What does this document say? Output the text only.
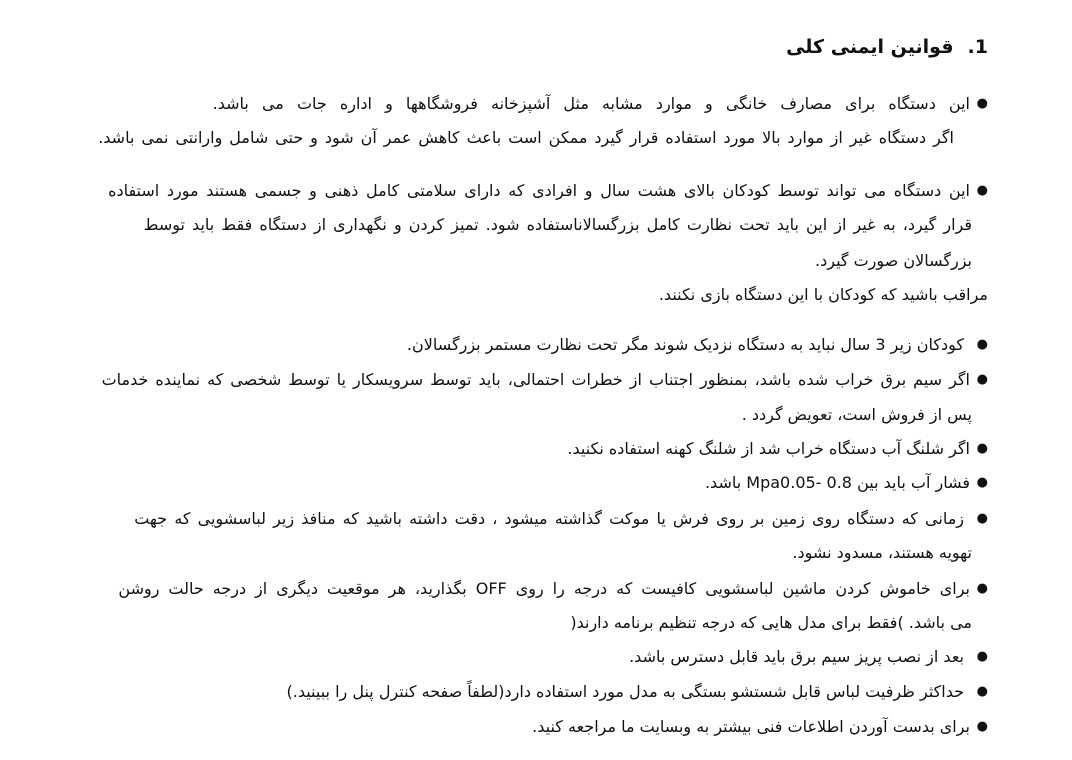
1.قوانین ایمنی کلی
●
این دستگاه برای مصارف خانگی و موارد مشابه مثل آشپزخانه فروشگاهها و اداره جات می باشد.
اگر دستگاه غیر از موارد بالا مورد استفاده قرار گیرد ممکن است باعث کاهش عمر آن شود و حتی شامل وارانتی نمی باشد.
●
این دستگاه می تواند توسط کودکان بالای هشت سال و افرادی که دارای سلامتی کامل ذهنی و جسمی هستند مورد استفاده
قرار گیرد، به غیر از این باید تحت نظارت کامل بزرگسالاناستفاده شود. تمیز کردن و نگهداری از دستگاه فقط باید توسط
بزرگسالان صورت گیرد.
مراقب باشید که کودکان با این دستگاه بازی نکنند.
●
کودکان زیر 3 سال نباید به دستگاه نزدیک شوند مگر تحت نظارت مستمر بزرگسالان.
●
اگر سیم برق خراب شده باشد، بمنظور اجتناب از خطرات احتمالی، باید توسط سرویسکار یا توسط شخصی که نماینده خدمات
پس از فروش است، تعویض گردد .
●
اگر شلنگ آب دستگاه خراب شد از شلنگ کهنه استفاده نکنید.
●
فشار آب باید بین Mpa0.05- 0.8 باشد.
●
زمانی که دستگاه روی زمین بر روی فرش یا موکت گذاشته میشود ، دقت داشته باشید که منافذ زیر لباسشویی که جهت
تهویه هستند، مسدود نشود.
●
برای خاموش کردن ماشین لباسشویی کافیست که درجه را روی OFF بگذارید، هر موقعیت دیگری از درجه حالت روشن
می باشد. )فقط برای مدل هایی که درجه تنظیم برنامه دارند(
●
بعد از نصب پریز سیم برق باید قابل دسترس باشد.
●
حداکثر ظرفیت لباس قابل شستشو بستگی به مدل مورد استفاده دارد(لطفاً صفحه کنترل پنل را ببینید.)
●
برای بدست آوردن اطلاعات فنی بیشتر به وبسایت ما مراجعه کنید.
